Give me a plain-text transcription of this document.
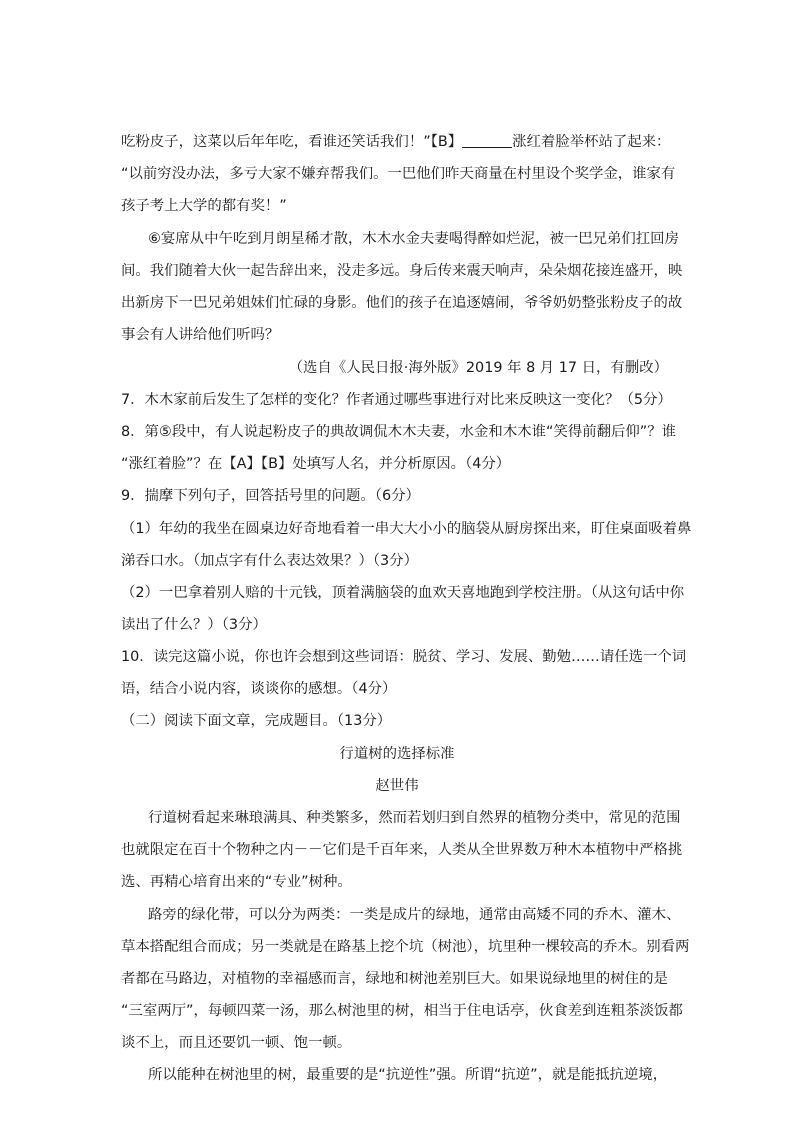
吃粉皮子，这菜以后年年吃，看谁还笑话我们！”【B】	涨红着脸举杯站了起来：
“以前穷没办法，多亏大家不嫌弃帮我们。一巴他们昨天商量在村里设个奖学金，谁家有
孩子考上大学的都有奖！”
⑥宴席从中午吃到月朗星稀才散，木木水金夫妻喝得醉如烂泥，被一巴兄弟们扛回房
间。我们随着大伙一起告辞出来，没走多远。身后传来震天响声，朵朵烟花接连盛开，映
出新房下一巴兄弟姐妹们忙碌的身影。他们的孩子在追逐嬉闹，爷爷奶奶整张粉皮子的故
事会有人讲给他们听吗？
（选自《人民日报·海外版》2019 年 8 月 17 日，有删改）
7．木木家前后发生了怎样的变化？作者通过哪些事进行对比来反映这一变化？（5分）
8．第⑤段中，有人说起粉皮子的典故调侃木木夫妻，水金和木木谁“笑得前翻后仰”？谁
“涨红着脸”？在【A】【B】处填写人名，并分析原因。（4分）
9．揣摩下列句子，回答括号里的问题。（6分）
（1）年幼的我坐在圆桌边好奇地看着一串大大小小的脑袋从厨房探出来，盯住桌面吸着鼻
涕吞口水。（加点字有什么表达效果？）（3分）
（2）一巴拿着别人赔的十元钱，顶着满脑袋的血欢天喜地跑到学校注册。（从这句话中你
读出了什么？）（3分）
10．读完这篇小说，你也许会想到这些词语：脱贫、学习、发展、勤勉……请任选一个词
语，结合小说内容，谈谈你的感想。（4分）
（二）阅读下面文章，完成题目。（13分）
行道树的选择标准
赵世伟
行道树看起来琳琅满具、种类繁多，然而若划归到自然界的植物分类中，常见的范围
也就限定在百十个物种之内－－它们是千百年来，人类从全世界数万种木本植物中严格挑
选、再精心培育出来的“专业”树种。
路旁的绿化带，可以分为两类：一类是成片的绿地，通常由高矮不同的乔木、灌木、
草本搭配组合而成；另一类就是在路基上挖个坑（树池），坑里种一棵较高的乔木。别看两
者都在马路边，对植物的幸福感而言，绿地和树池差别巨大。如果说绿地里的树住的是
“三室两厅”，每顿四菜一汤，那么树池里的树，相当于住电话亭，伙食差到连粗茶淡饭都
谈不上，而且还要饥一顿、饱一顿。
所以能种在树池里的树，最重要的是“抗逆性”强。所谓“抗逆”，就是能抵抗逆境，
